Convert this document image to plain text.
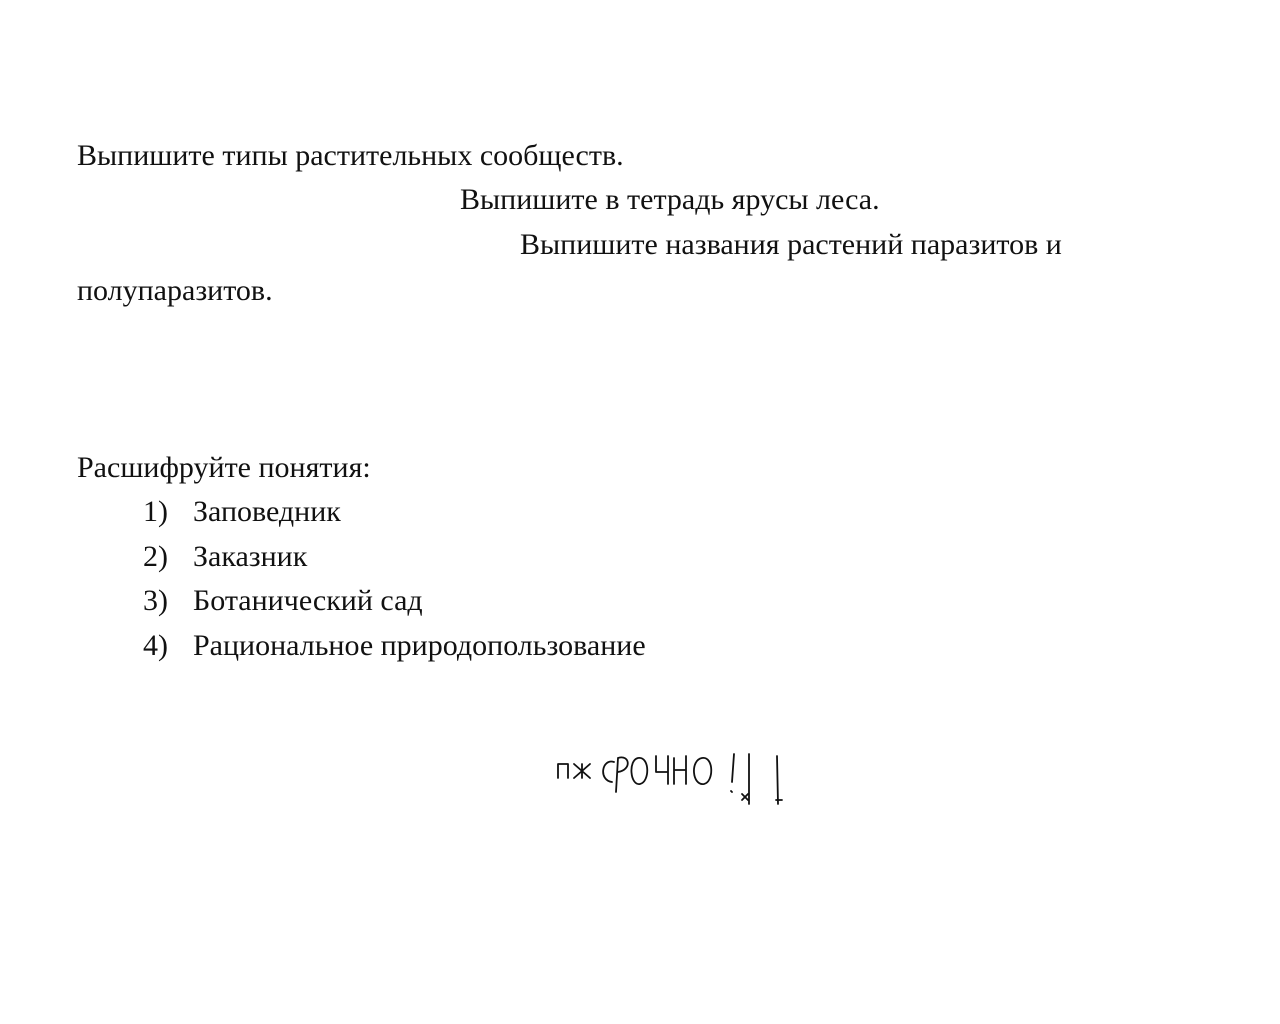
Выпишите типы растительных сообществ.
Выпишите в тетрадь ярусы леса.
Выпишите названия растений паразитов и
полупаразитов.
Расшифруйте понятия:
1) Заповедник
2) Заказник
3) Ботанический сад
4) Рациональное природопользование
